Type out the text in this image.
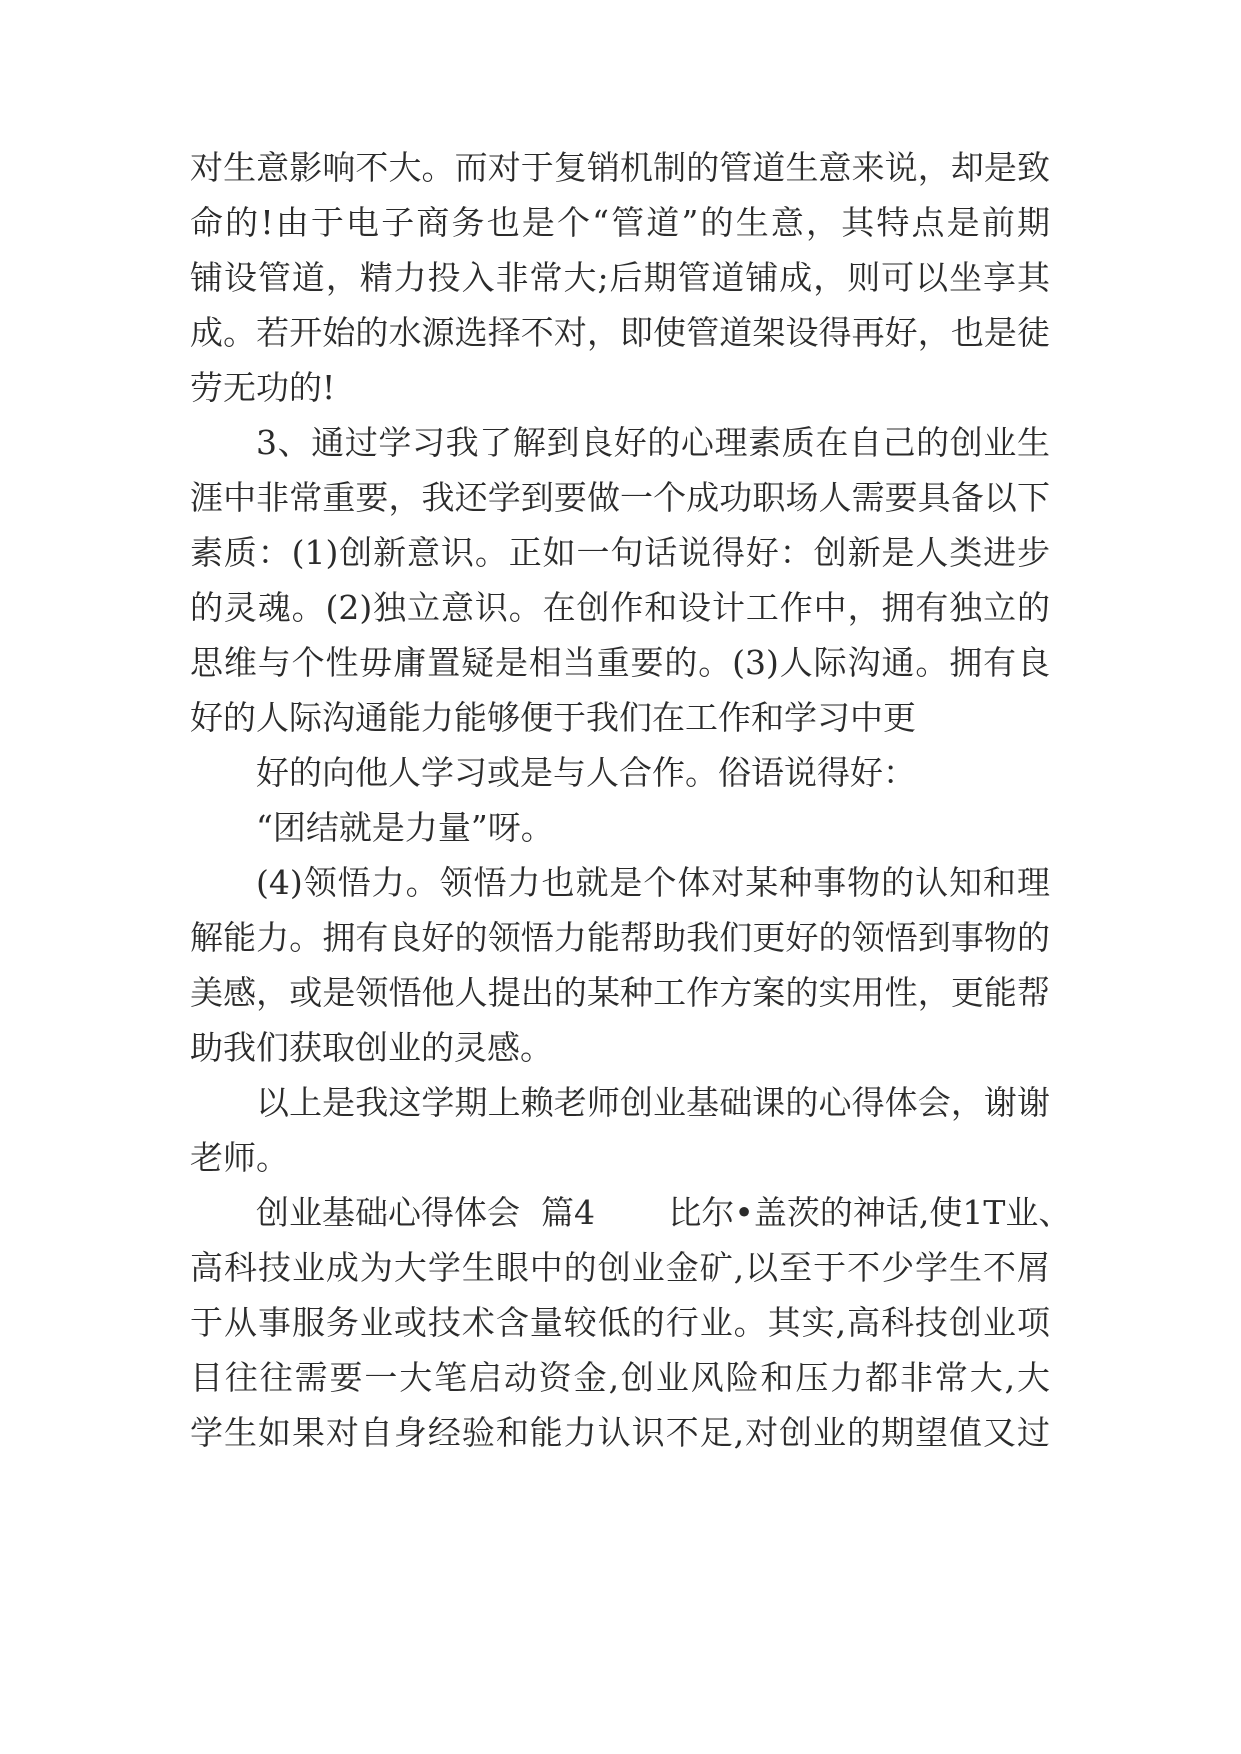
对生意影响不大。而对于复销机制的管道生意来说，却是致
命的!由于电子商务也是个“管道”的生意，其特点是前期
铺设管道，精力投入非常大;后期管道铺成，则可以坐享其
成。若开始的水源选择不对，即使管道架设得再好，也是徒
劳无功的!
3、通过学习我了解到良好的心理素质在自己的创业生
涯中非常重要，我还学到要做一个成功职场人需要具备以下
素质：(1)创新意识。正如一句话说得好：创新是人类进步
的灵魂。(2)独立意识。在创作和设计工作中，拥有独立的
思维与个性毋庸置疑是相当重要的。(3)人际沟通。拥有良
好的人际沟通能力能够便于我们在工作和学习中更
好的向他人学习或是与人合作。俗语说得好：
“团结就是力量”呀。
(4)领悟力。领悟力也就是个体对某种事物的认知和理
解能力。拥有良好的领悟力能帮助我们更好的领悟到事物的
美感，或是领悟他人提出的某种工作方案的实用性，更能帮
助我们获取创业的灵感。
以上是我这学期上赖老师创业基础课的心得体会，谢谢
老师。
创业基础心得体会  篇4       比尔•盖茨的神话,使1T业、
高科技业成为大学生眼中的创业金矿,以至于不少学生不屑
于从事服务业或技术含量较低的行业。其实,高科技创业项
目往往需要一大笔启动资金,创业风险和压力都非常大,大
学生如果对自身经验和能力认识不足,对创业的期望值又过
